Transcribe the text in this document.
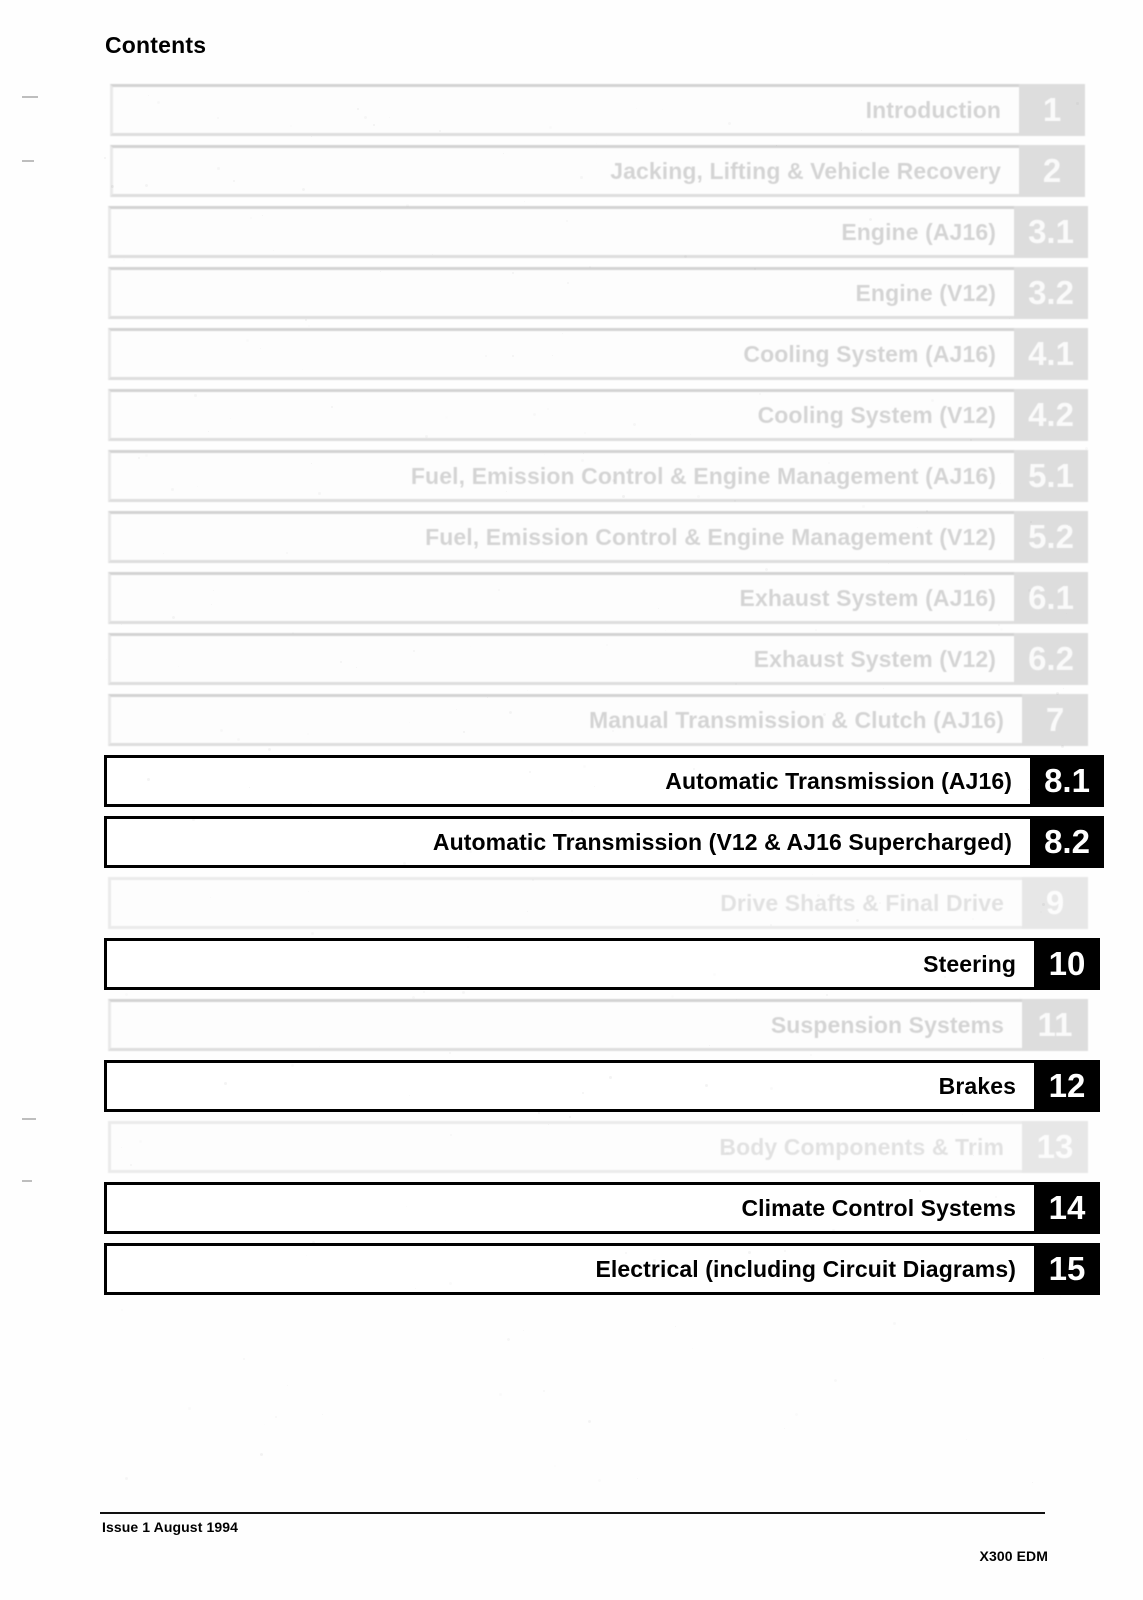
Contents
Introduction	1
Jacking, Lifting & Vehicle Recovery	2
Engine (AJ16) 3.1
Engine (V12) 3.2
Cooling System (AJ16) 4.1
Cooling System (V12) 4.2
Fuel, Emission Control & Engine Management (AJ16) 5.1
Fuel, Emission Control & Engine Management (V12) 5.2
Exhaust System (AJ16) 6.1
Exhaust System (V12) 6.2
Manual Transmission & Clutch (AJ16)	7
Automatic Transmission (AJ16) 8.1
Automatic Transmission (V12 & AJ16 Supercharged) 8.2
Drive Shafts & Final Drive	9
Steering 10
Suspension Systems	11
Brakes 12
Body Components & Trim 13
Climate Control Systems 14
Electrical (including Circuit Diagrams) 15
Issue 1 August 1994
X300 EDM
